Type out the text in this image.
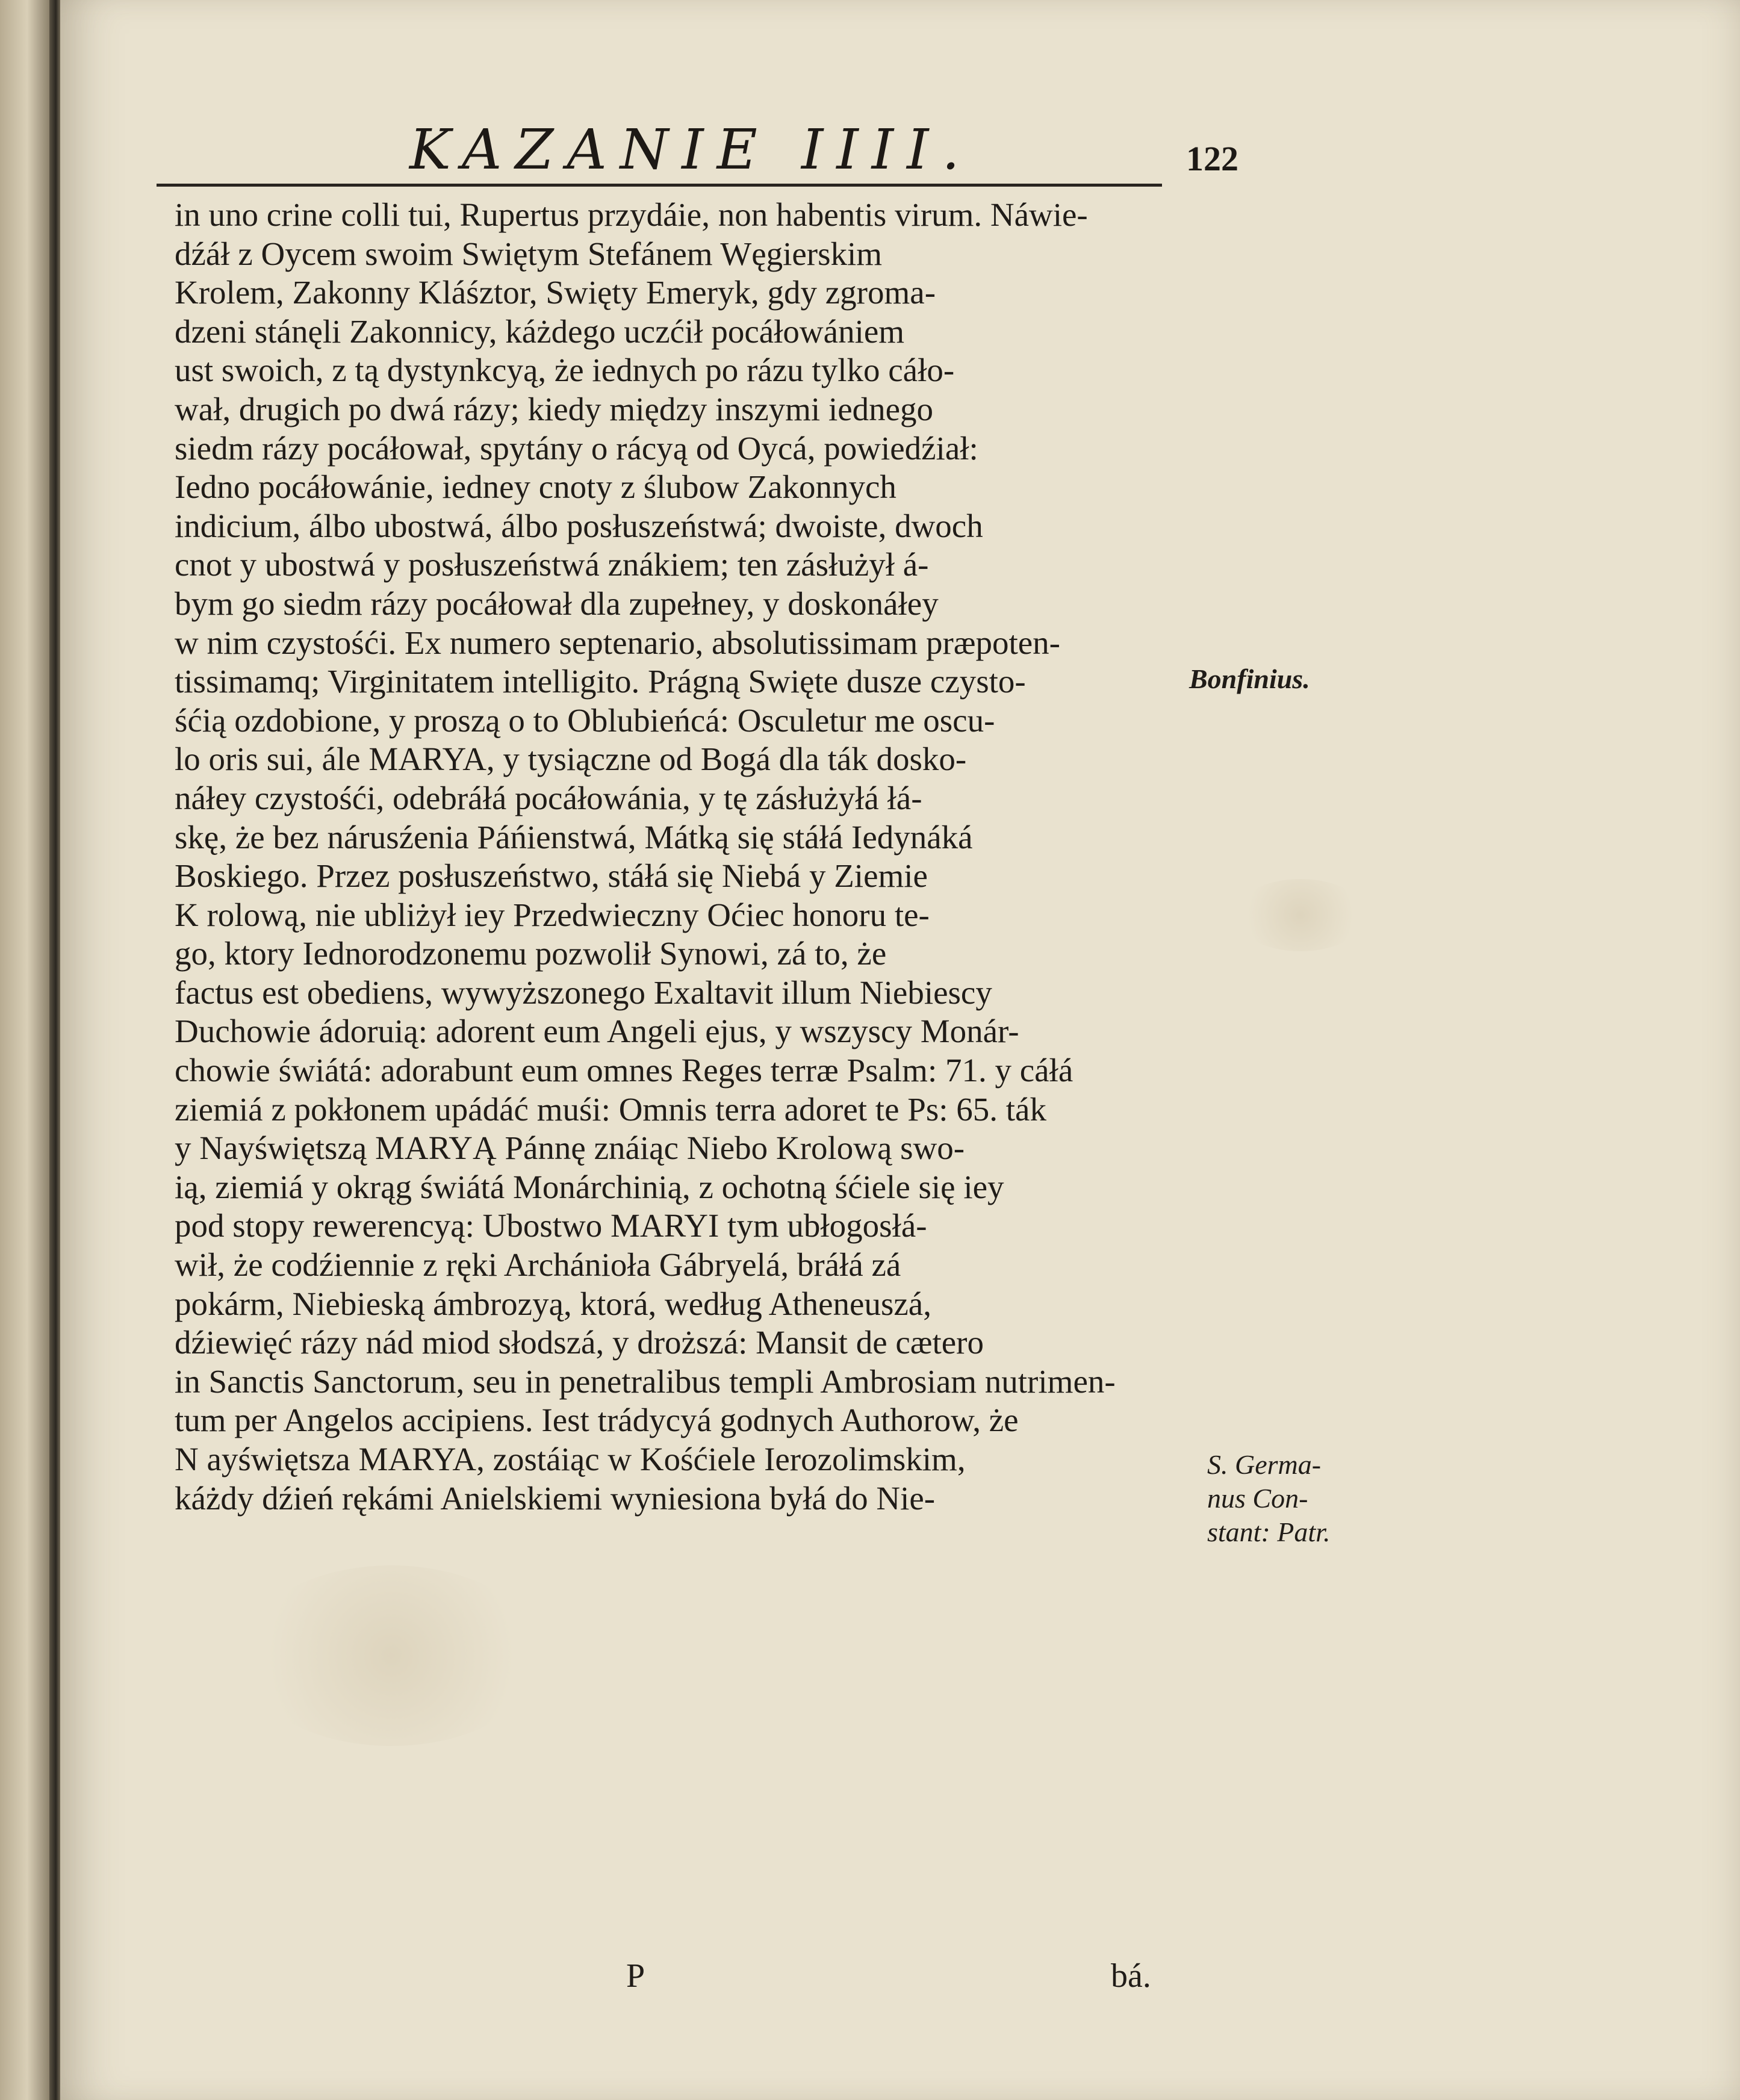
KAZANIE IIII.	122
in uno crine colli tui, Rupertus przydáie, non habentis virum. Náwie-
dźáł z Oycem swoim Swiętym Stefánem Węgierskim
Krolem, Zakonny Kláśztor, Swięty Emeryk, gdy zgroma-
dzeni stánęli Zakonnicy, káżdego uczćił pocáłowániem
ust swoich, z tą dystynkcyą, że iednych po rázu tylko cáło-
wał, drugich po dwá rázy; kiedy między inszymi iednego
siedm rázy pocáłował, spytány o rácyą od Oycá, powiedźiał:
Iedno pocáłowánie, iedney cnoty z ślubow Zakonnych
indicium, álbo ubostwá, álbo posłuszeństwá; dwoiste, dwoch
cnot y ubostwá y posłuszeństwá znákiem; ten zásłużył á-
bym go siedm rázy pocáłował dla zupełney, y doskonáłey
w nim czystośći. Ex numero septenario, absolutissimam præpoten-
tissimamq; Virginitatem intelligito. Prágną Swięte dusze czysto-
śćią ozdobione, y proszą o to Oblubieńcá: Osculetur me oscu-
lo oris sui, ále MARYA, y tysiączne od Bogá dla ták dosko-
náłey czystośći, odebráłá pocáłowánia, y tę zásłużyłá łá-
skę, że bez nárusźenia Páńienstwá, Mátką się stáłá Iedynáká
Boskiego. Przez posłuszeństwo, stáłá się Niebá y Ziemie
K rolową, nie ubliżył iey Przedwieczny Oćiec honoru te-
go, ktory Iednorodzonemu pozwolił Synowi, zá to, że
factus est obediens, wywyższonego Exaltavit illum Niebiescy
Duchowie ádoruią: adorent eum Angeli ejus, y wszyscy Monár-
chowie świátá: adorabunt eum omnes Reges terræ Psalm: 71. y cáłá
ziemiá z pokłonem upádáć muśi: Omnis terra adoret te Ps: 65. ták
y Nayświętszą MARYĄ Pánnę znáiąc Niebo Krolową swo-
ią, ziemiá y okrąg świátá Monárchinią, z ochotną śćiele się iey
pod stopy rewerencyą: Ubostwo MARYI tym ubłogosłá-
wił, że codźiennie z ręki Archánioła Gábryelá, bráłá zá
pokárm, Niebieską ámbrozyą, ktorá, według Atheneuszá,
dźiewięć rázy nád miod słodszá, y droższá: Mansit de cætero
in Sanctis Sanctorum, seu in penetralibus templi Ambrosiam nutrimen-
tum per Angelos accipiens. Iest trádycyá godnych Authorow, że
N ayświętsza MARYA, zostáiąc w Kośćiele Ierozolimskim,
káżdy dźień rękámi Anielskiemi wyniesiona byłá do Nie-
Bonfinius.
S. Germa-
nus Con-
stant: Patr.
P	bá.
